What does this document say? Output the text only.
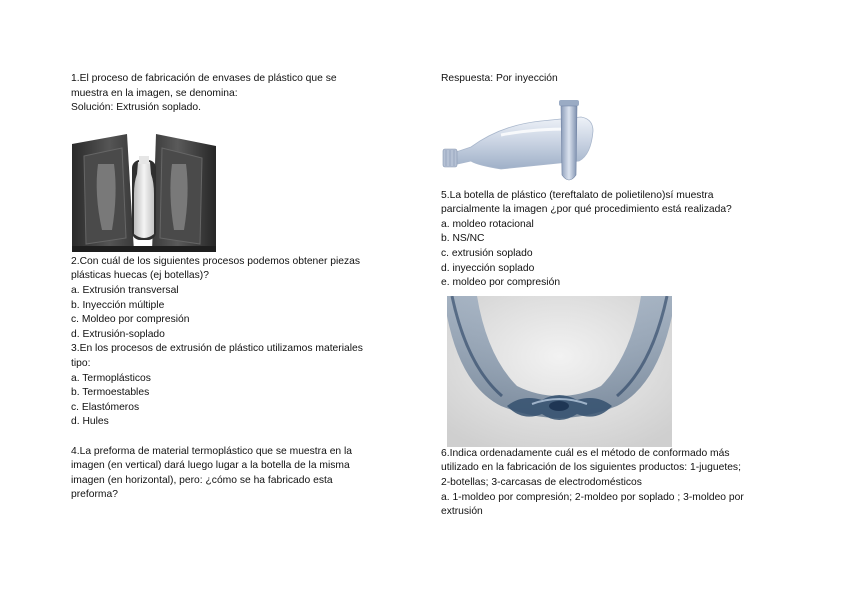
1.El proceso de fabricación de envases de plástico que se
muestra en la imagen, se denomina:
Solución: Extrusión soplado.
2.Con cuál de los siguientes procesos podemos obtener piezas
plásticas huecas (ej botellas)?
a. Extrusión transversal
b. Inyección múltiple
c. Moldeo por compresión
d. Extrusión-soplado
3.En los procesos de extrusión de plástico utilizamos materiales
tipo:
a. Termoplásticos
b. Termoestables
c. Elastómeros
d. Hules
4.La preforma de material termoplástico que se muestra en la
imagen (en vertical) dará luego lugar a la botella de la misma
imagen (en horizontal), pero: ¿cómo se ha fabricado esta
preforma?
Respuesta: Por inyección
5.La botella de plástico (tereftalato de polietileno)sí muestra
parcialmente la imagen ¿por qué procedimiento está realizada?
a. moldeo rotacional
b. NS/NC
c. extrusión soplado
d. inyección soplado
e. moldeo por compresión
6.Indica ordenadamente cuál es el método de conformado más
utilizado en la fabricación de los siguientes productos: 1-juguetes;
2-botellas; 3-carcasas de electrodomésticos
a. 1-moldeo por compresión; 2-moldeo por soplado ; 3-moldeo por
extrusión
